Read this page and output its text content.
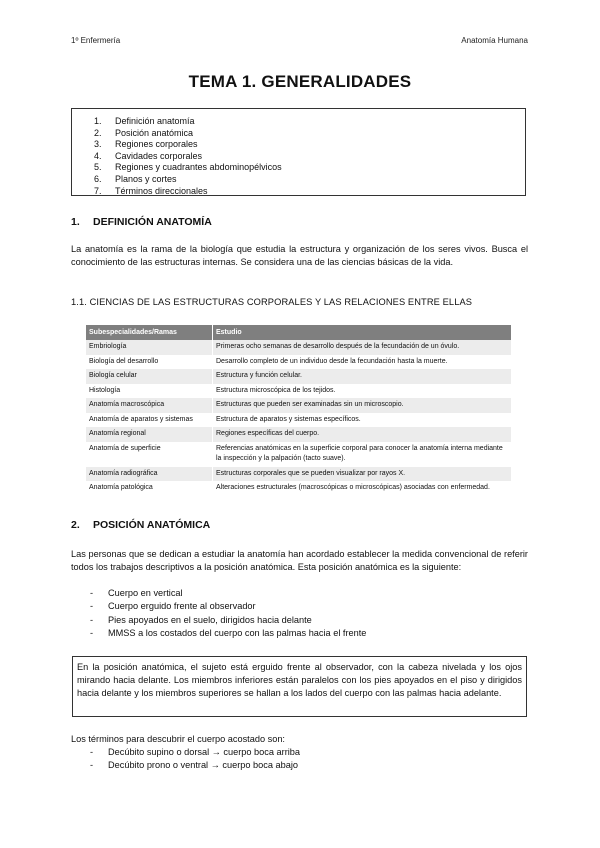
1º Enfermería	Anatomía Humana
TEMA 1. GENERALIDADES
1. Definición anatomía
2. Posición anatómica
3. Regiones corporales
4. Cavidades corporales
5. Regiones y cuadrantes abdominopélvicos
6. Planos y cortes
7. Términos direccionales
1. DEFINICIÓN ANATOMÍA

La anatomía es la rama de la biología que estudia la estructura y organización de los seres vivos. Busca el conocimiento de las estructuras internas. Se considera una de las ciencias básicas de la vida.

1.1. CIENCIAS DE LAS ESTRUCTURAS CORPORALES Y LAS RELACIONES ENTRE ELLAS
Subespecialidades/Ramas	Estudio
Embriología	Primeras ocho semanas de desarrollo después de la fecundación de un óvulo.
Biología del desarrollo	Desarrollo completo de un individuo desde la fecundación hasta la muerte.
Biología celular	Estructura y función celular.
Histología	Estructura microscópica de los tejidos.
Anatomía macroscópica	Estructuras que pueden ser examinadas sin un microscopio.
Anatomía de aparatos y sistemas	Estructura de aparatos y sistemas específicos.
Anatomía regional	Regiones específicas del cuerpo.
Anatomía de superficie	Referencias anatómicas en la superficie corporal para conocer la anatomía interna mediante la inspección y la palpación (tacto suave).
Anatomía radiográfica	Estructuras corporales que se pueden visualizar por rayos X.
Anatomía patológica	Alteraciones estructurales (macroscópicas o microscópicas) asociadas con enfermedad.
2. POSICIÓN ANATÓMICA

Las personas que se dedican a estudiar la anatomía han acordado establecer la medida convencional de referir todos los trabajos descriptivos a la posición anatómica. Esta posición anatómica es la siguiente:

- Cuerpo en vertical
- Cuerpo erguido frente al observador
- Pies apoyados en el suelo, dirigidos hacia delante
- MMSS a los costados del cuerpo con las palmas hacia el frente

En la posición anatómica, el sujeto está erguido frente al observador, con la cabeza nivelada y los ojos mirando hacia delante. Los miembros inferiores están paralelos con los pies apoyados en el piso y dirigidos hacia delante y los miembros superiores se hallan a los lados del cuerpo con las palmas hacia adelante.

Los términos para descubrir el cuerpo acostado son:

- Decúbito supino o dorsal → cuerpo boca arriba
- Decúbito prono o ventral → cuerpo boca abajo
